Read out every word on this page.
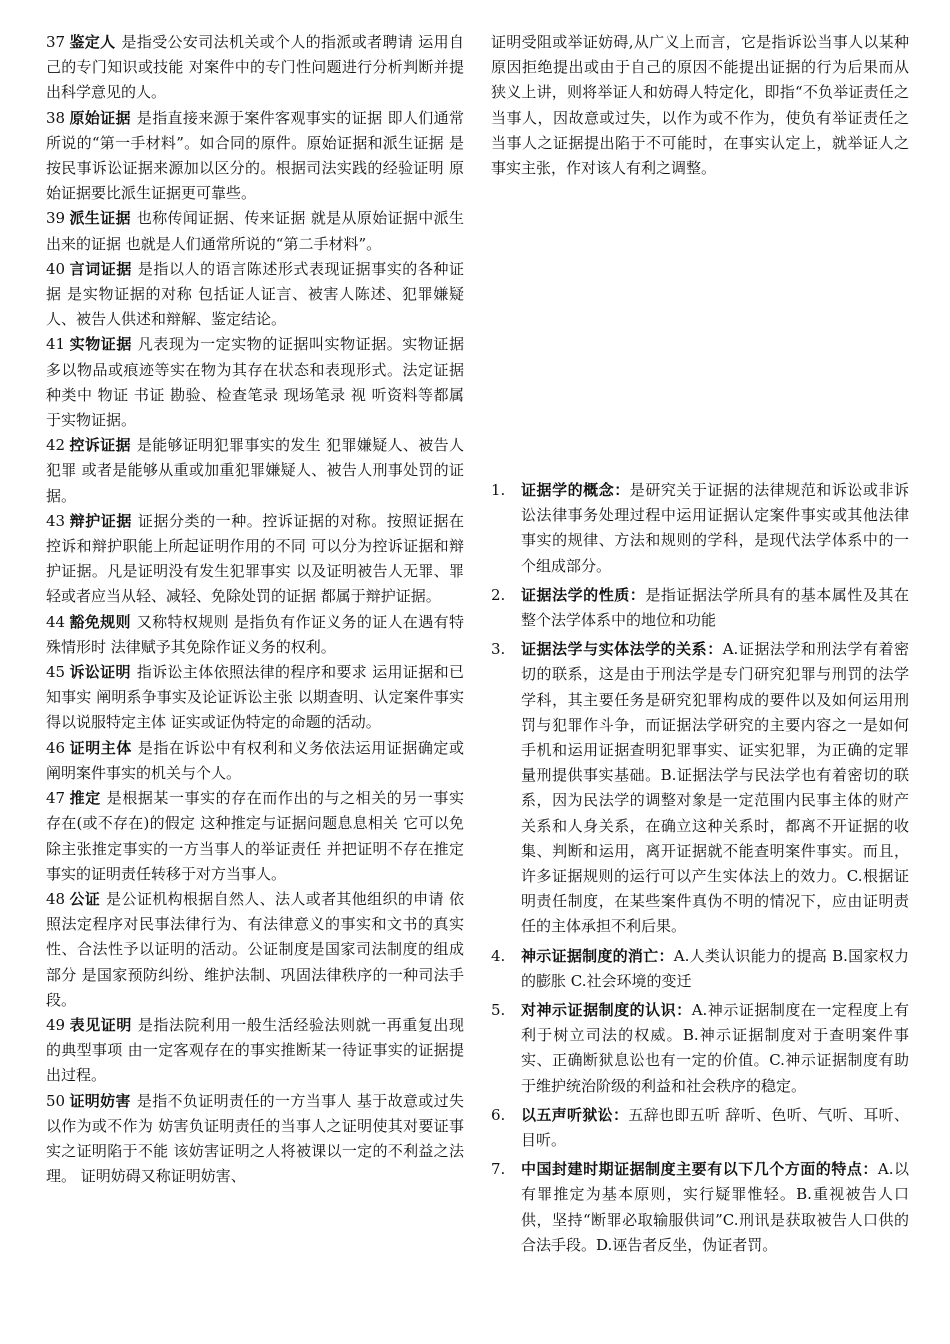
37 鉴定人 是指受公安司法机关或个人的指派或者聘请 运用自己的专门知识或技能 对案件中的专门性问题进行分析判断并提出科学意见的人。

38 原始证据 是指直接来源于案件客观事实的证据 即人们通常所说的“第一手材料”。如合同的原件。原始证据和派生证据 是按民事诉讼证据来源加以区分的。根据司法实践的经验证明 原始证据要比派生证据更可靠些。

39 派生证据 也称传闻证据、传来证据 就是从原始证据中派生出来的证据 也就是人们通常所说的“第二手材料”。

40 言词证据 是指以人的语言陈述形式表现证据事实的各种证据 是实物证据的对称 包括证人证言、被害人陈述、犯罪嫌疑人、被告人供述和辩解、鉴定结论。

41 实物证据 凡表现为一定实物的证据叫实物证据。实物证据多以物品或痕迹等实在物为其存在状态和表现形式。法定证据种类中 物证 书证 勘验、检查笔录 现场笔录 视 听资料等都属于实物证据。

42 控诉证据 是能够证明犯罪事实的发生 犯罪嫌疑人、被告人犯罪 或者是能够从重或加重犯罪嫌疑人、被告人刑事处罚的证据。

43 辩护证据 证据分类的一种。控诉证据的对称。按照证据在控诉和辩护职能上所起证明作用的不同 可以分为控诉证据和辩护证据。凡是证明没有发生犯罪事实 以及证明被告人无罪、罪轻或者应当从轻、减轻、免除处罚的证据 都属于辩护证据。

44 豁免规则 又称特权规则 是指负有作证义务的证人在遇有特殊情形时 法律赋予其免除作证义务的权利。

45 诉讼证明 指诉讼主体依照法律的程序和要求 运用证据和已知事实 阐明系争事实及论证诉讼主张 以期查明、认定案件事实 得以说服特定主体 证实或证伪特定的命题的活动。

46 证明主体 是指在诉讼中有权利和义务依法运用证据确定或阐明案件事实的机关与个人。

47 推定 是根据某一事实的存在而作出的与之相关的另一事实存在(或不存在)的假定 这种推定与证据问题息息相关 它可以免除主张推定事实的一方当事人的举证责任 并把证明不存在推定事实的证明责任转移于对方当事人。

48 公证 是公证机构根据自然人、法人或者其他组织的申请 依照法定程序对民事法律行为、有法律意义的事实和文书的真实性、合法性予以证明的活动。公证制度是国家司法制度的组成部分 是国家预防纠纷、维护法制、巩固法律秩序的一种司法手段。

49 表见证明 是指法院利用一般生活经验法则就一再重复出现的典型事项 由一定客观存在的事实推断某一待证事实的证据提出过程。

50 证明妨害 是指不负证明责任的一方当事人 基于故意或过失 以作为或不作为 妨害负证明责任的当事人之证明使其对要证事实之证明陷于不能 该妨害证明之人将被课以一定的不利益之法理。 证明妨碍又称证明妨害、

证明受阻或举证妨碍,从广义上而言，它是指诉讼当事人以某种原因拒绝提出或由于自己的原因不能提出证据的行为后果而从狭义上讲，则将举证人和妨碍人特定化，即指“不负举证责任之当事人，因故意或过失，以作为或不作为，使负有举证责任之当事人之证据提出陷于不可能时，在事实认定上，就举证人之事实主张，作对该人有利之调整。

1.	证据学的概念：是研究关于证据的法律规范和诉讼或非诉讼法律事务处理过程中运用证据认定案件事实或其他法律事实的规律、方法和规则的学科，是现代法学体系中的一个组成部分。
2.	证据法学的性质：是指证据法学所具有的基本属性及其在整个法学体系中的地位和功能
3.	证据法学与实体法学的关系：A.证据法学和刑法学有着密切的联系，这是由于刑法学是专门研究犯罪与刑罚的法学学科，其主要任务是研究犯罪构成的要件以及如何运用刑罚与犯罪作斗争，而证据法学研究的主要内容之一是如何手机和运用证据查明犯罪事实、证实犯罪，为正确的定罪量刑提供事实基础。B.证据法学与民法学也有着密切的联系，因为民法学的调整对象是一定范围内民事主体的财产关系和人身关系，在确立这种关系时，都离不开证据的收集、判断和运用，离开证据就不能查明案件事实。而且，许多证据规则的运行可以产生实体法上的效力。C.根据证明责任制度，在某些案件真伪不明的情况下，应由证明责任的主体承担不利后果。
4.	神示证据制度的消亡：A.人类认识能力的提高 B.国家权力的膨胀 C.社会环境的变迁
5.	对神示证据制度的认识：A.神示证据制度在一定程度上有利于树立司法的权威。B.神示证据制度对于查明案件事实、正确断狱息讼也有一定的价值。C.神示证据制度有助于维护统治阶级的利益和社会秩序的稳定。
6.	以五声听狱讼：五辞也即五听 辞听、色听、气听、耳听、目听。
7.	中国封建时期证据制度主要有以下几个方面的特点：A.以有罪推定为基本原则，实行疑罪惟轻。B.重视被告人口供，坚持“断罪必取输服供词”C.刑讯是获取被告人口供的合法手段。D.诬告者反坐，伪证者罚。
